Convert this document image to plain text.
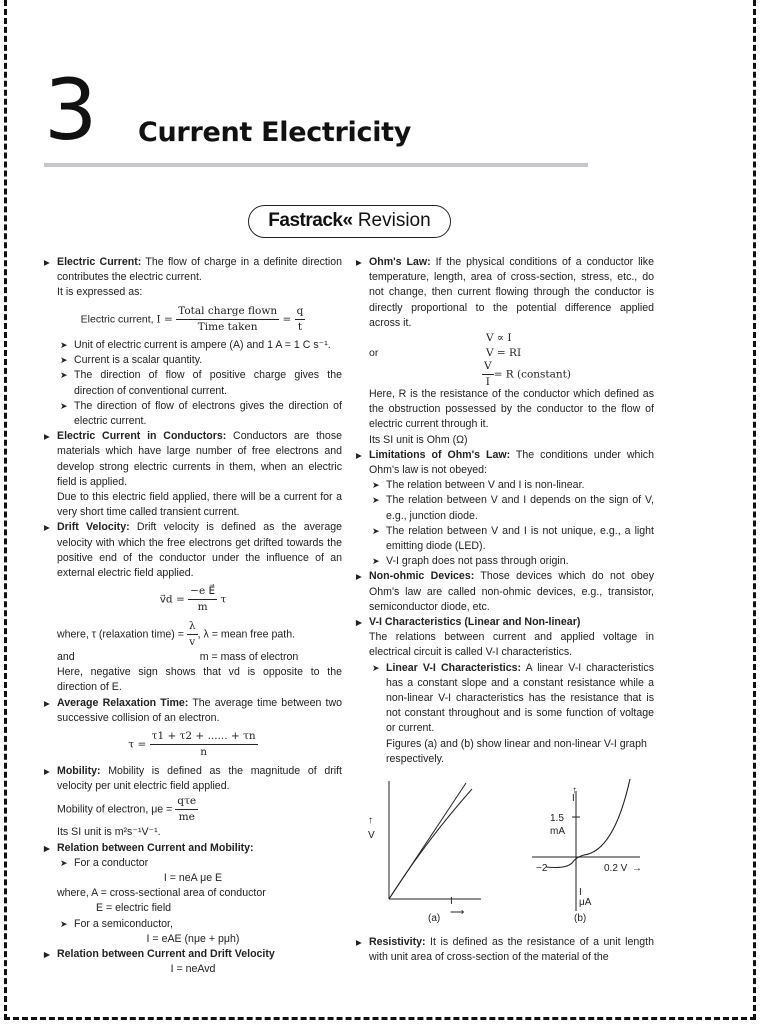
3 Current Electricity
Fastrack« Revision

▶ Electric Current: The flow of charge in a definite direction contributes the electric current.

It is expressed as:

Electric current, $I = \frac{\text{Total charge flown}}{\text{Time taken}} = \frac{q}{t}$

➤ Unit of electric current is ampere (A) and 1 A = 1 C s⁻¹.

➤ Current is a scalar quantity.

➤ The direction of flow of positive charge gives the direction of conventional current.

➤ The direction of flow of electrons gives the direction of electric current.

▶ Electric Current in Conductors: Conductors are those materials which have large number of free electrons and develop strong electric currents in them, when an electric field is applied.

Due to this electric field applied, there will be a current for a very short time called transient current.

▶ Drift Velocity: Drift velocity is defined as the average velocity with which the free electrons get drifted towards the positive end of the conductor under the influence of an external electric field applied.

v⃗d = $\frac{\text{−e E⃗}}{m}$ τ

where, τ (relaxation time) = $\frac{\lambda}{v}$ , λ = mean free path.

and	m = mass of electron

Here, negative sign shows that vd is opposite to the direction of E.

▶ Average Relaxation Time: The average time between two successive collision of an electron.

$\tau = \frac{\tau 1 + \tau 2 + ...... + \tau n}{n}$

▶ Mobility: Mobility is defined as the magnitude of drift velocity per unit electric field applied.

Mobility of electron, $\mu e = \frac{\text{qτe}}{me}$

Its SI unit is m²s⁻¹V⁻¹.

▶ Relation between Current and Mobility:

➤ For a conductor

I = neA μe E

where, A = cross-sectional area of conductor

E = electric field

➤ For a semiconductor,

I = eAE (nμe + pμh)

▶ Relation between Current and Drift Velocity

I = neAvd

▶ Ohm's Law: If the physical conditions of a conductor like temperature, length, area of cross-section, stress, etc., do not change, then current flowing through the conductor is directly proportional to the potential difference applied across it.

V ∝ I
or	V = RI
$\frac{V}{I} = R$ (constant)

Here, R is the resistance of the conductor which defined as the obstruction possessed by the conductor to the flow of electric current through it.

Its SI unit is Ohm (Ω)

▶ Limitations of Ohm's Law: The conditions under which Ohm's law is not obeyed:

➤ The relation between V and I is non-linear.

➤ The relation between V and I depends on the sign of V, e.g., junction diode.

➤ The relation between V and I is not unique, e.g., a light emitting diode (LED).

➤ V-I graph does not pass through origin.

▶ Non-ohmic Devices: Those devices which do not obey Ohm's law are called non-ohmic devices, e.g., transistor, semiconductor diode, etc.

▶ V-I Characteristics (Linear and Non-linear)

The relations between current and applied voltage in electrical circuit is called V-I characteristics.

➤ Linear V-I Characteristics: A linear V-I characteristics has a constant slope and a constant resistance while a non-linear V-I characteristics has the resistance that is not constant throughout and is some function of voltage or current.

Figures (a) and (b) show linear and non-linear V-I graph respectively.

↑
V
I
⟶
(a)
↑
I
1.5
mA
−2	0.2 V →
I
μA
(b)

▶ Resistivity: It is defined as the resistance of a unit length with unit area of cross-section of the material of the
